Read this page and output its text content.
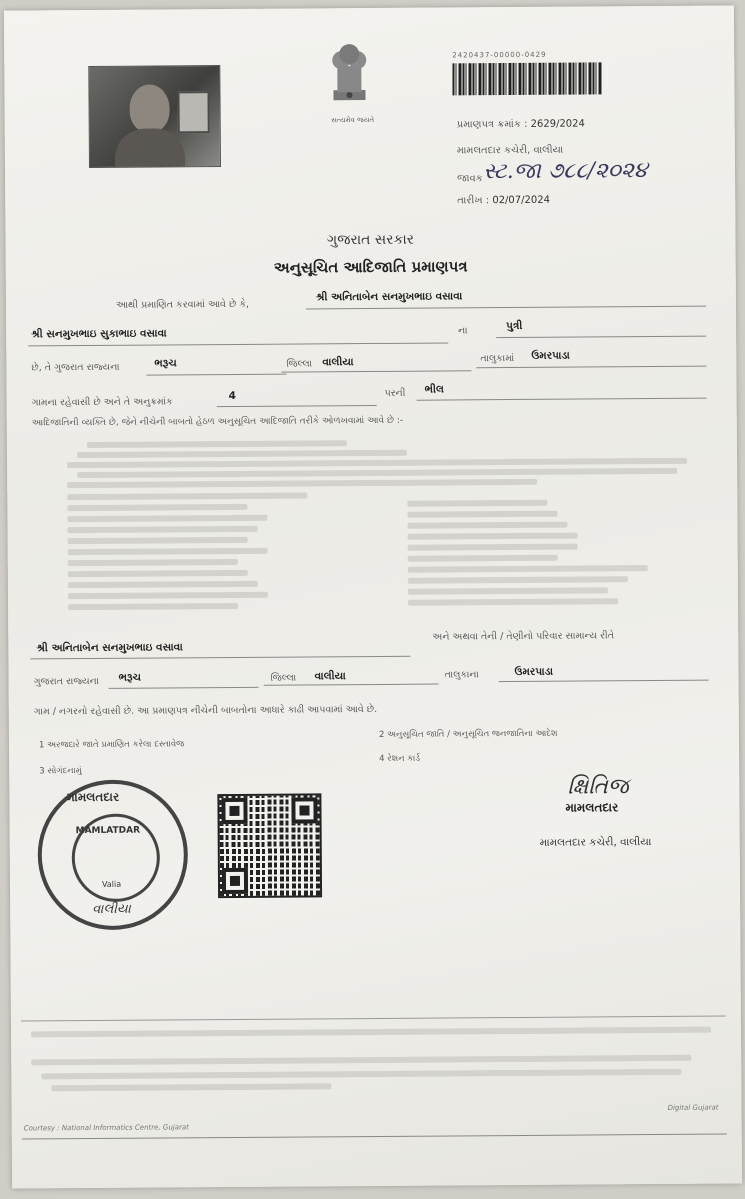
સત્યમેવ જયતે
2420437-00000-0429
પ્રમાણપત્ર ક્રમાંક : 2629/2024
મામલતદાર કચેરી, વાલીયા
જાવક સ્ટ.જા ૭૮૮/૨૦૨૪
તારીખ : 02/07/2024
ગુજરાત સરકાર
અનુસૂચિત આદિજાતિ પ્રમાણપત્ર
આથી પ્રમાણિત કરવામાં આવે છે કે,
શ્રી અનિતાબેન સનમુખભાઇ વસાવા
શ્રી સનમુખભાઇ સુકાભાઇ વસાવા	ના	પુત્રી
છે, તે ગુજરાત રાજ્યના	ભરૂચ	જિલ્લા વાલીયા	તાલુકામાં ઉમરપાડા
ગામના રહેવાસી છે અને તે અનુક્રમાંક
4	પરની ભીલ
આદિજાતિની વ્યક્તિ છે, જેને નીચેની બાબતો હેઠળ અનુસૂચિત આદિજાતિ તરીકે ઓળખવામાં આવે છે :-
શ્રી અનિતાબેન સનમુખભાઇ વસાવા
અને અથવા તેની / તેણીનો પરિવાર સામાન્ય રીતે
ગુજરાત રાજ્યના ભરૂચ	જિલ્લા વાલીયા	તાલુકાના	ઉમરપાડા
ગામ / નગરનો રહેવાસી છે. આ પ્રમાણપત્ર નીચેની બાબતોના આધારે કાઢી આપવામાં આવે છે.
1 અરજદારે જાતે પ્રમાણિત કરેલા દસ્તાવેજ
2 અનુસૂચિત જાતિ / અનુસૂચિત જનજાતિના આદેશ
3 સોગંદનામું
4 રેશન કાર્ડ
મામલતદાર
MAMLATDAR
Valia
વાલીયા
ક્ષિતિજ
મામલતદાર
મામલતદાર કચેરી, વાલીયા
Courtesy : National Informatics Centre, Gujarat
Digital Gujarat
